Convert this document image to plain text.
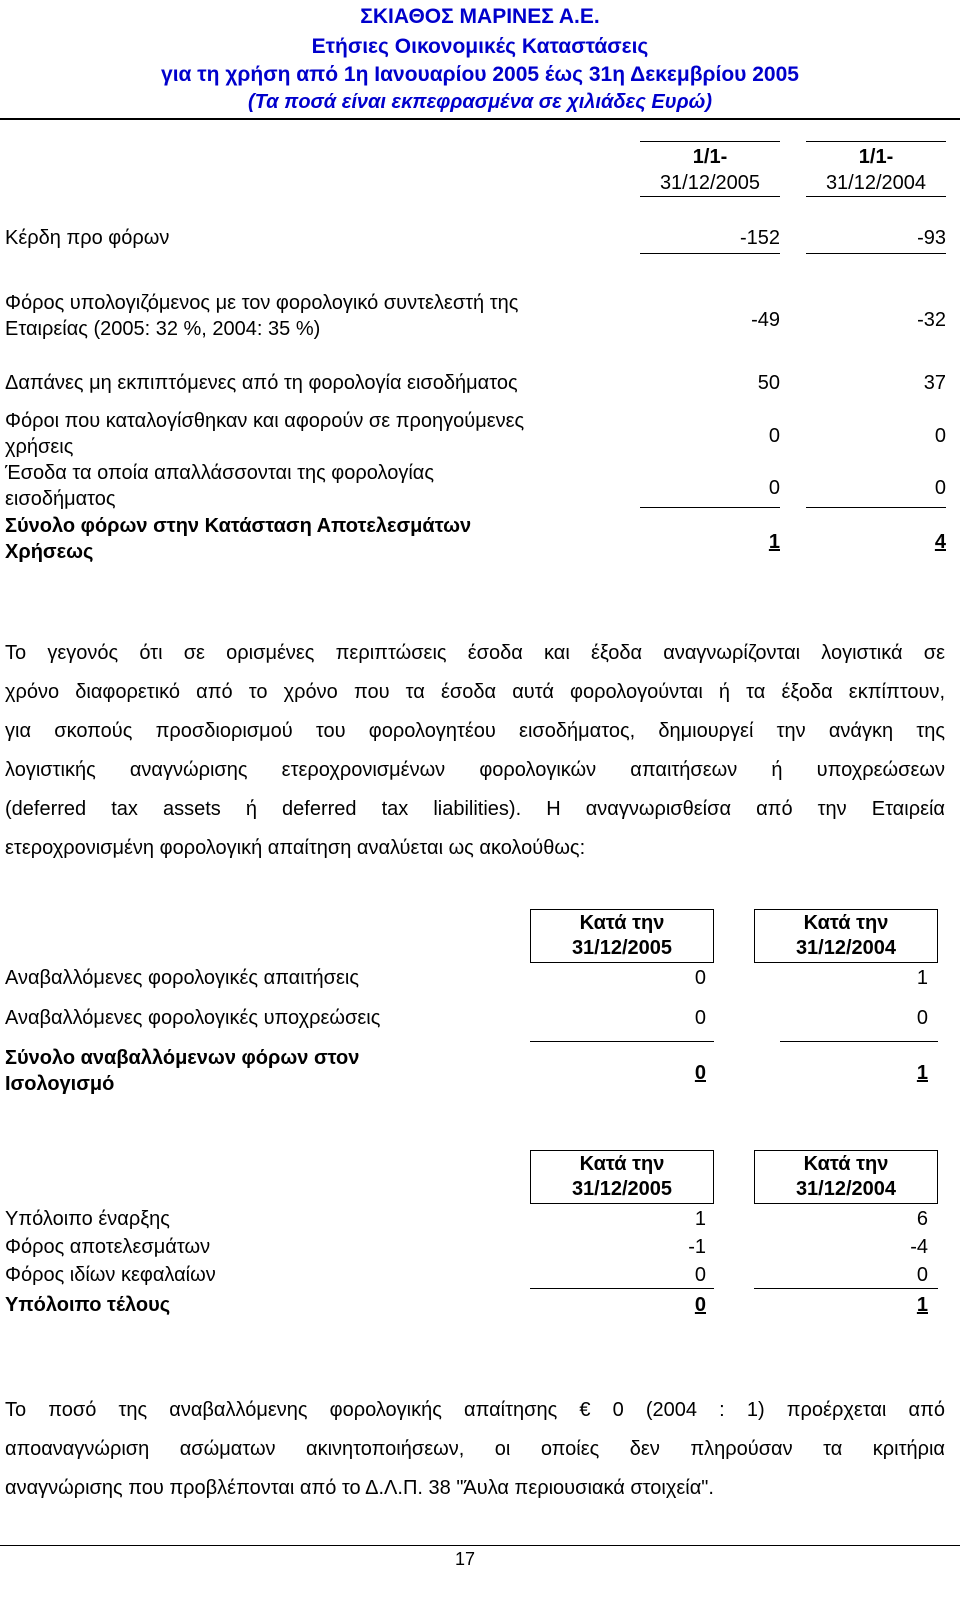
ΣΚΙΑΘΟΣ ΜΑΡΙΝΕΣ Α.Ε.
Ετήσιες Οικονομικές Καταστάσεις
για τη χρήση από 1η Ιανουαρίου 2005 έως 31η Δεκεμβρίου 2005
(Τα ποσά είναι εκπεφρασμένα σε χιλιάδες Ευρώ)
1/1-
31/12/2005
1/1-
31/12/2004
Κέρδη προ φόρων	-152	-93
Φόρος υπολογιζόμενος με τον φορολογικό συντελεστή της
Εταιρείας (2005: 32 %, 2004: 35 %)	-49	-32
Δαπάνες μη εκπιπτόμενες από τη φορολογία εισοδήματος	50	37
Φόροι που καταλογίσθηκαν και αφορούν σε προηγούμενες
χρήσεις	0	0
Έσοδα τα οποία απαλλάσσονται της φορολογίας
εισοδήματος	0	0
Σύνολο φόρων στην Κατάσταση Αποτελεσμάτων
Χρήσεως	1	4
Το γεγονός ότι σε ορισμένες περιπτώσεις έσοδα και έξοδα αναγνωρίζονται λογιστικά σε
χρόνο διαφορετικό από το χρόνο που τα έσοδα αυτά φορολογούνται ή τα έξοδα εκπίπτουν,
για σκοπούς προσδιορισμού του φορολογητέου εισοδήματος, δημιουργεί την ανάγκη της
λογιστικής αναγνώρισης ετεροχρονισμένων φορολογικών απαιτήσεων ή υποχρεώσεων
(deferred tax assets ή deferred tax liabilities). Η αναγνωρισθείσα από την Εταιρεία
ετεροχρονισμένη φορολογική απαίτηση αναλύεται ως ακολούθως:
Κατά την
31/12/2005
Κατά την
31/12/2004
Αναβαλλόμενες φορολογικές απαιτήσεις	0	1
Αναβαλλόμενες φορολογικές υποχρεώσεις	0	0
Σύνολο αναβαλλόμενων φόρων στον
Ισολογισμό	0	1
Κατά την
31/12/2005
Κατά την
31/12/2004
Υπόλοιπο έναρξης	1	6
Φόρος αποτελεσμάτων	-1	-4
Φόρος ιδίων κεφαλαίων	0	0
Υπόλοιπο τέλους	0	1
Το ποσό της αναβαλλόμενης φορολογικής απαίτησης € 0 (2004 : 1) προέρχεται από
αποαναγνώριση ασώματων ακινητοποιήσεων, οι οποίες δεν πληρούσαν τα κριτήρια
αναγνώρισης που προβλέπονται από το Δ.Λ.Π. 38 "Άυλα περιουσιακά στοιχεία".
17
